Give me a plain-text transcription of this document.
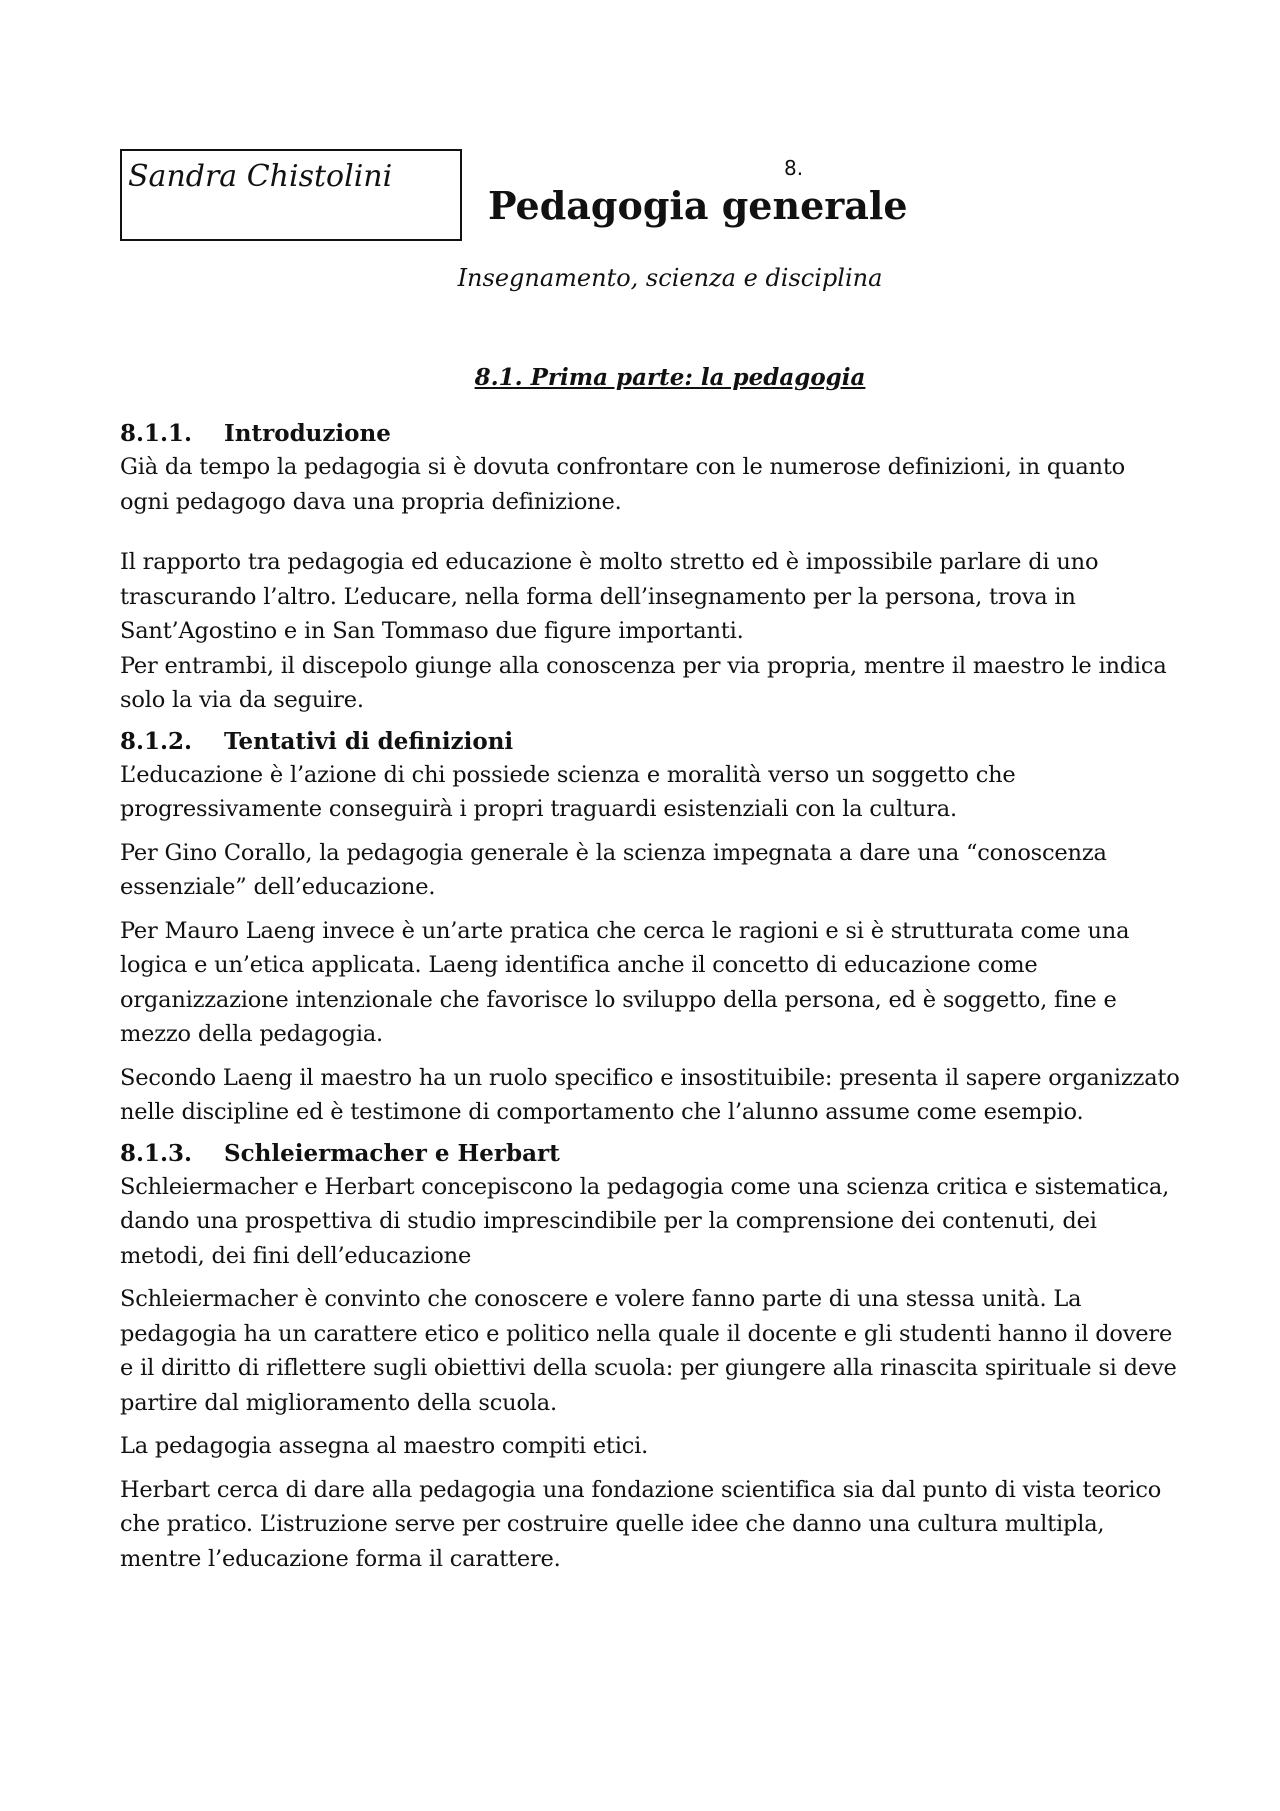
Sandra Chistolini	8.
Pedagogia generale
Insegnamento, scienza e disciplina
8.1. Prima parte: la pedagogia
8.1.1. Introduzione

Già da tempo la pedagogia si è dovuta confrontare con le numerose definizioni, in quanto ogni pedagogo dava una propria definizione.

Il rapporto tra pedagogia ed educazione è molto stretto ed è impossibile parlare di uno trascurando l’altro. L’educare, nella forma dell’insegnamento per la persona, trova in Sant’Agostino e in San Tommaso due figure importanti.

Per entrambi, il discepolo giunge alla conoscenza per via propria, mentre il maestro le indica solo la via da seguire.

8.1.2. Tentativi di definizioni

L’educazione è l’azione di chi possiede scienza e moralità verso un soggetto che progressivamente conseguirà i propri traguardi esistenziali con la cultura.

Per Gino Corallo, la pedagogia generale è la scienza impegnata a dare una “conoscenza essenziale” dell’educazione.

Per Mauro Laeng invece è un’arte pratica che cerca le ragioni e si è strutturata come una logica e un’etica applicata. Laeng identifica anche il concetto di educazione come organizzazione intenzionale che favorisce lo sviluppo della persona, ed è soggetto, fine e mezzo della pedagogia.

Secondo Laeng il maestro ha un ruolo specifico e insostituibile: presenta il sapere organizzato nelle discipline ed è testimone di comportamento che l’alunno assume come esempio.

8.1.3. Schleiermacher e Herbart

Schleiermacher e Herbart concepiscono la pedagogia come una scienza critica e sistematica, dando una prospettiva di studio imprescindibile per la comprensione dei contenuti, dei metodi, dei fini dell’educazione

Schleiermacher è convinto che conoscere e volere fanno parte di una stessa unità. La pedagogia ha un carattere etico e politico nella quale il docente e gli studenti hanno il dovere e il diritto di riflettere sugli obiettivi della scuola: per giungere alla rinascita spirituale si deve partire dal miglioramento della scuola.

La pedagogia assegna al maestro compiti etici.

Herbart cerca di dare alla pedagogia una fondazione scientifica sia dal punto di vista teorico che pratico. L’istruzione serve per costruire quelle idee che danno una cultura multipla, mentre l’educazione forma il carattere.
